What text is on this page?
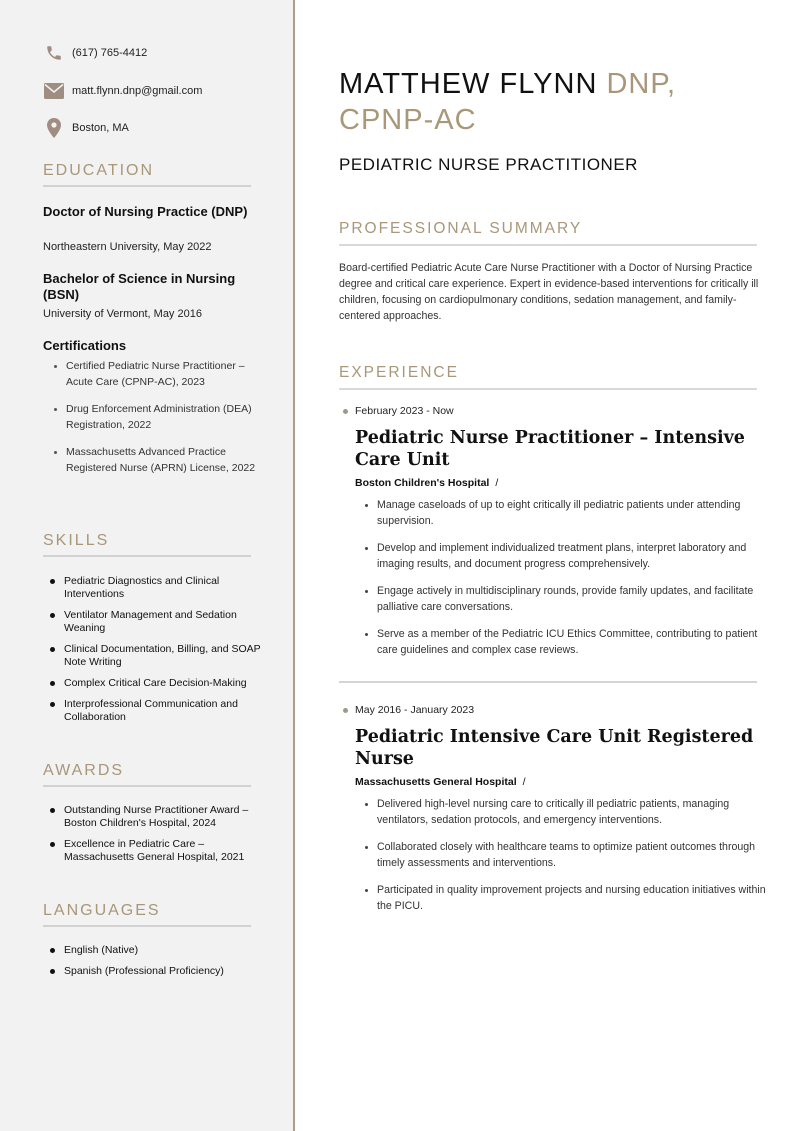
(617) 765-4412
matt.flynn.dnp@gmail.com
Boston, MA
EDUCATION
Doctor of Nursing Practice (DNP)
Northeastern University, May 2022
Bachelor of Science in Nursing (BSN)
University of Vermont, May 2016
Certifications
Certified Pediatric Nurse Practitioner – Acute Care (CPNP-AC), 2023
Drug Enforcement Administration (DEA) Registration, 2022
Massachusetts Advanced Practice Registered Nurse (APRN) License, 2022
SKILLS
Pediatric Diagnostics and Clinical Interventions
Ventilator Management and Sedation Weaning
Clinical Documentation, Billing, and SOAP Note Writing
Complex Critical Care Decision-Making
Interprofessional Communication and Collaboration
AWARDS
Outstanding Nurse Practitioner Award – Boston Children's Hospital, 2024
Excellence in Pediatric Care – Massachusetts General Hospital, 2021
LANGUAGES
English (Native)
Spanish (Professional Proficiency)
MATTHEW FLYNN DNP, CPNP-AC
PEDIATRIC NURSE PRACTITIONER
PROFESSIONAL SUMMARY
Board-certified Pediatric Acute Care Nurse Practitioner with a Doctor of Nursing Practice degree and critical care experience. Expert in evidence-based interventions for critically ill children, focusing on cardiopulmonary conditions, sedation management, and family-centered approaches.
EXPERIENCE
February 2023 - Now
Pediatric Nurse Practitioner – Intensive Care Unit
Boston Children's Hospital /
Manage caseloads of up to eight critically ill pediatric patients under attending supervision.
Develop and implement individualized treatment plans, interpret laboratory and imaging results, and document progress comprehensively.
Engage actively in multidisciplinary rounds, provide family updates, and facilitate palliative care conversations.
Serve as a member of the Pediatric ICU Ethics Committee, contributing to patient care guidelines and complex case reviews.
May 2016 - January 2023
Pediatric Intensive Care Unit Registered Nurse
Massachusetts General Hospital /
Delivered high-level nursing care to critically ill pediatric patients, managing ventilators, sedation protocols, and emergency interventions.
Collaborated closely with healthcare teams to optimize patient outcomes through timely assessments and interventions.
Participated in quality improvement projects and nursing education initiatives within the PICU.
